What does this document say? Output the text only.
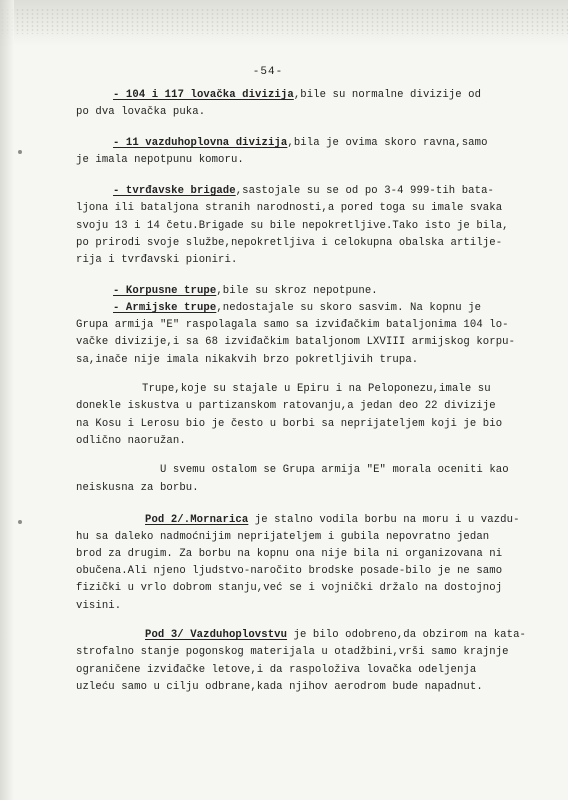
-54-
- 104 i 117 lovačka divizija,bile su normalne divizije od
po dva lovačka puka.
- 11 vazduhoplovna divizija,bila je ovima skoro ravna,samo
je imala nepotpunu komoru.
- tvrđavske brigade,sastojale su se od po 3-4 999-tih bata-
ljona ili bataljona stranih narodnosti,a pored toga su imale svaka
svoju 13 i 14 četu.Brigade su bile nepokretljive.Tako isto je bila,
po prirodi svoje službe,nepokretljiva i celokupna obalska artilje-
rija i tvrđavski pioniri.
- Korpusne trupe,bile su skroz nepotpune.
- Armijske trupe,nedostajale su skoro sasvim. Na kopnu je
Grupa armija "E" raspolagala samo sa izviđačkim bataljonima 104 lo-
vačke divizije,i sa 68 izviđačkim bataljonom LXVIII armijskog korpu-
sa,inače nije imala nikakvih brzo pokretljivih trupa.
Trupe,koje su stajale u Epiru i na Peloponezu,imale su
donekle iskustva u partizanskom ratovanju,a jedan deo 22 divizije
na Kosu i Lerosu bio je često u borbi sa neprijateljem koji je bio
odlično naoružan.
U svemu ostalom se Grupa armija "E" morala oceniti kao
neiskusna za borbu.
Pod 2/.Mornarica je stalno vodila borbu na moru i u vazdu-
hu sa daleko nadmoćnijim neprijateljem i gubila nepovratno jedan
brod za drugim. Za borbu na kopnu ona nije bila ni organizovana ni
obučena.Ali njeno ljudstvo-naročito brodske posade-bilo je ne samo
fizički u vrlo dobrom stanju,već se i vojnički držalo na dostojnoj
visini.
Pod 3/ Vazduhoplovstvu je bilo odobreno,da obzirom na kata-
strofalno stanje pogonskog materijala u otadžbini,vrši samo krajnje
ograničene izviđačke letove,i da raspoloživa lovačka odeljenja
uzleću samo u cilju odbrane,kada njihov aerodrom bude napadnut.
